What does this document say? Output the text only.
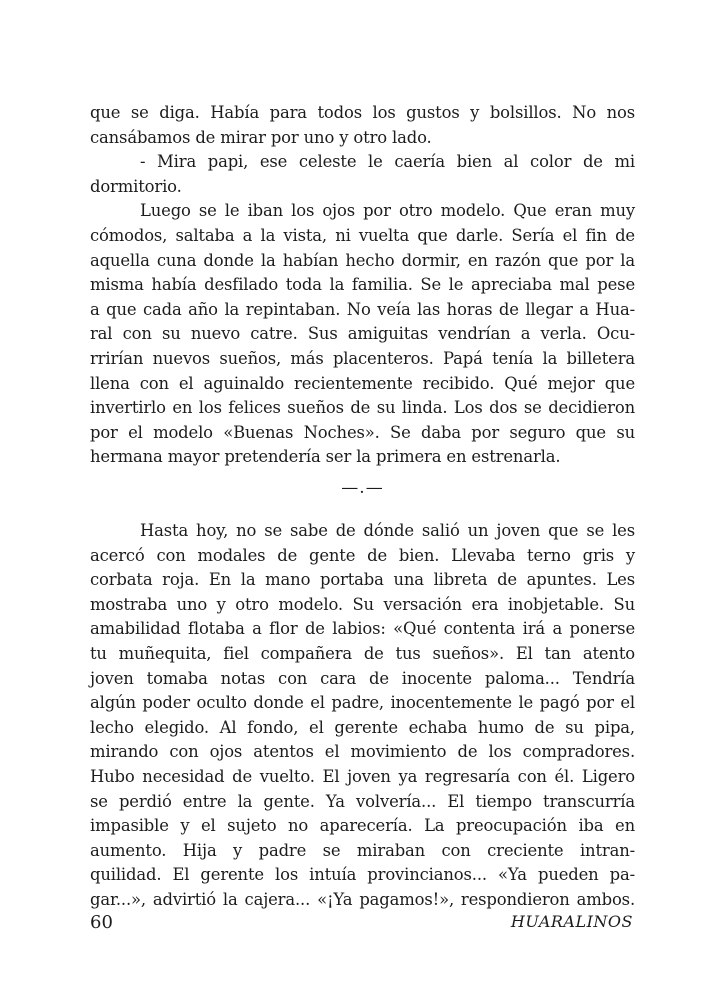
que se diga. Había para todos los gustos y bolsillos. No nos
cansábamos de mirar por uno y otro lado.
- Mira papi, ese celeste le caería bien al color de mi
dormitorio.
Luego se le iban los ojos por otro modelo. Que eran muy
cómodos, saltaba a la vista, ni vuelta que darle. Sería el fin de
aquella cuna donde la habían hecho dormir, en razón que por la
misma había desfilado toda la familia. Se le apreciaba mal pese
a que cada año la repintaban. No veía las horas de llegar a Hua-
ral con su nuevo catre. Sus amiguitas vendrían a verla. Ocu-
rrirían nuevos sueños, más placenteros. Papá tenía la billetera
llena con el aguinaldo recientemente recibido. Qué mejor que
invertirlo en los felices sueños de su linda. Los dos se decidieron
por el modelo «Buenas Noches». Se daba por seguro que su
hermana mayor pretendería ser la primera en estrenarla.
—.—
Hasta hoy, no se sabe de dónde salió un joven que se les
acercó con modales de gente de bien. Llevaba terno gris y
corbata roja. En la mano portaba una libreta de apuntes. Les
mostraba uno y otro modelo. Su versación era inobjetable. Su
amabilidad flotaba a flor de labios: «Qué contenta irá a ponerse
tu muñequita, fiel compañera de tus sueños». El tan atento
joven tomaba notas con cara de inocente paloma... Tendría
algún poder oculto donde el padre, inocentemente le pagó por el
lecho elegido. Al fondo, el gerente echaba humo de su pipa,
mirando con ojos atentos el movimiento de los compradores.
Hubo necesidad de vuelto. El joven ya regresaría con él. Ligero
se perdió entre la gente. Ya volvería... El tiempo transcurría
impasible y el sujeto no aparecería. La preocupación iba en
aumento. Hija y padre se miraban con creciente intran-
quilidad. El gerente los intuía provincianos... «Ya pueden pa-
gar...», advirtió la cajera... «¡Ya pagamos!», respondieron ambos.
60	HUARALINOS
